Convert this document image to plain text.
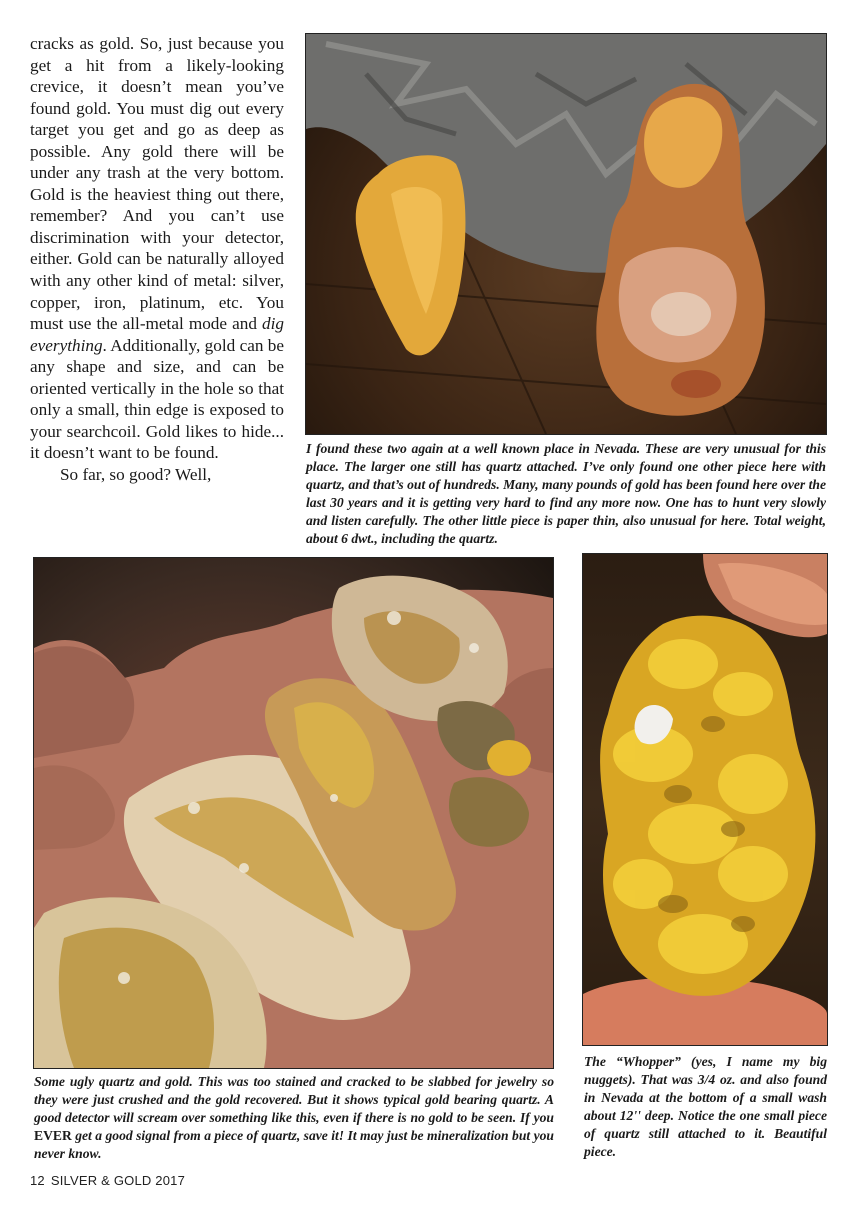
cracks as gold. So, just because you get a hit from a likely-looking crevice, it doesn’t mean you’ve found gold. You must dig out every target you get and go as deep as possible. Any gold there will be under any trash at the very bottom. Gold is the heaviest thing out there, remember? And you can’t use discrimination with your detector, either. Gold can be naturally alloyed with any other kind of metal: silver, copper, iron, platinum, etc. You must use the all-metal mode and dig everything. Additionally, gold can be any shape and size, and can be oriented vertically in the hole so that only a small, thin edge is exposed to your searchcoil. Gold likes to hide... it doesn’t want to be found.

So far, so good? Well,

I found these two again at a well known place in Nevada. These are very unusual for this place. The larger one still has quartz attached. I’ve only found one other piece here with quartz, and that’s out of hundreds. Many, many pounds of gold has been found here over the last 30 years and it is getting very hard to find any more now. One has to hunt very slowly and listen carefully. The other little piece is paper thin, also unusual for here. Total weight, about 6 dwt., including the quartz.

Some ugly quartz and gold. This was too stained and cracked to be slabbed for jewelry so they were just crushed and the gold recovered. But it shows typical gold bearing quartz. A good detector will scream over something like this, even if there is no gold to be seen. If you EVER get a good signal from a piece of quartz, save it! It may just be mineralization but you never know.

The “Whopper” (yes, I name my big nuggets). That was 3/4 oz. and also found in Nevada at the bottom of a small wash about 12'' deep. Notice the one small piece of quartz still attached to it. Beautiful piece.

12 SILVER & GOLD 2017
